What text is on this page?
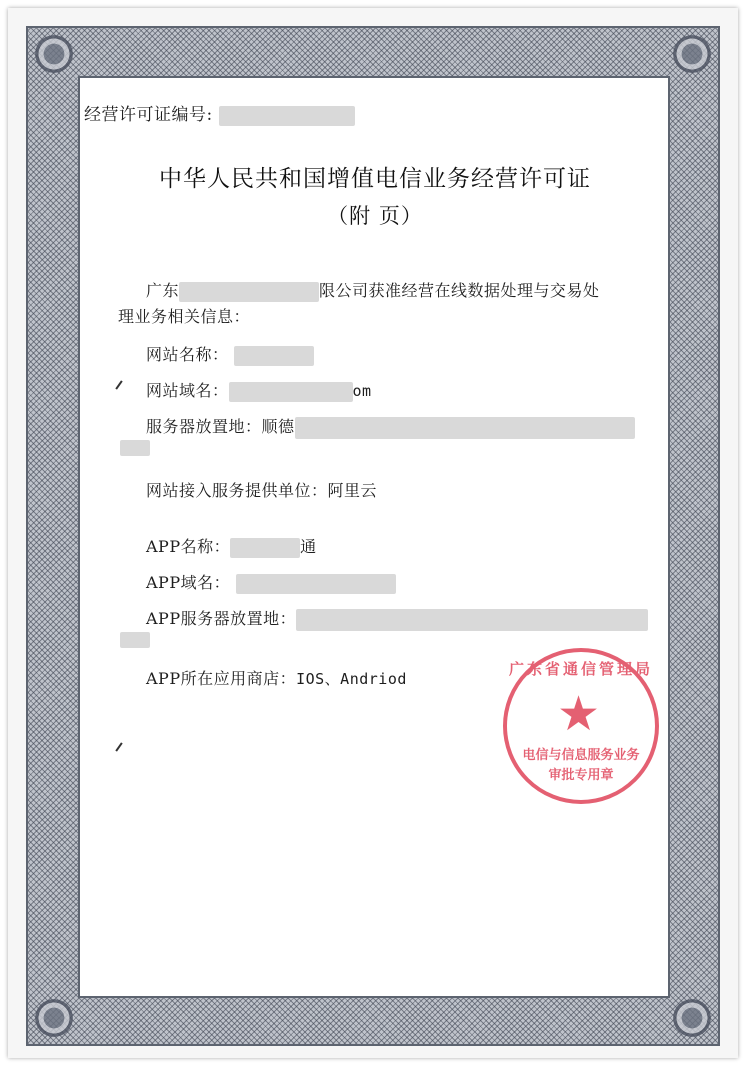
经营许可证编号:
中华人民共和国增值电信业务经营许可证
（附 页）
广东	限公司获准经营在线数据处理与交易处
理业务相关信息：
网站名称：
网站域名：	om
服务器放置地：顺德
网站接入服务提供单位：阿里云
APP名称：	通
APP域名：
APP服务器放置地：
APP所在应用商店：IOS、Andriod
广东省通信管理局
★
电信与信息服务业务
审批专用章
